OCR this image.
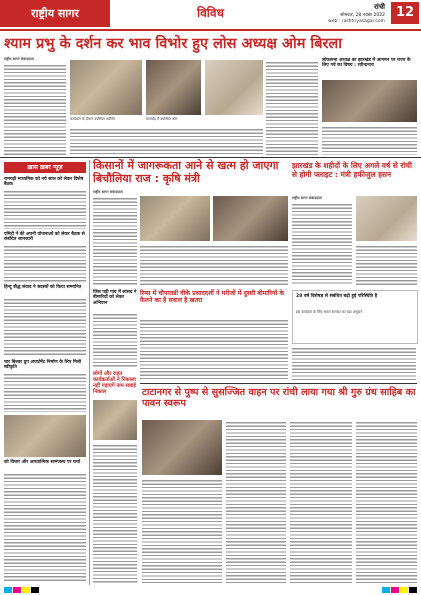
राष्ट्रीय सागर	विविध	रांची
सोमवार, 28 नवंबर 2022
web : rashtriyasagar.com
12
श्याम प्रभु के दर्शन कर भाव विभोर हुए लोस अध्यक्ष ओम बिरला
राष्ट्रीय सागर संवाददाता
कार्यक्रम के दौरान उपस्थित अतिथि	समारोह में उपस्थित लोग
लोकसभा अध्यक्ष का झारखंड में आगमन पर राज्य के लिए गर्व का विषय : रवीन्द्रनाथ
ख़ास ख़बर न्यूज़
रामगढ़ी माध्यमिक को नये साल को लेकर विशेष बैठक
एमिटी ने की अपनी योजनाओं को लेकर बैठक से संबंधित जानकारी
हिन्दू बौद्ध संवाद ने सदस्यों को किया सम्मानित
चार बिल्डर ग्रुप अपार्टमेंट निर्माण के लिए मिली स्वीकृति
को विचार और आध्यात्मिक सामंजस्य पर चर्चा
किसानों में जागरूकता आने से खत्म हो जाएगा बिचौलिया राज : कृषि मंत्री
राष्ट्रीय सागर संवाददाता
झारखंड के शहीदों के लिए अगले वर्ष से रांची से होगी फ्लाइट : मंत्री हफीजुल हसन
राष्ट्रीय सागर संवाददाता
रिम्स में चौपालडी वीके प्रसाददर्शी ने मरीजों में दुसरी बीमारियों के फैलने का है सवाल है खतरा
जिस पड़ी गांव में सांसद ने बीमारियों को लेकर अभियान
लोगों और राहत कार्यकर्ताओं ने निकाला नहीं पहाएगे नाम सबाई निकाल
28 वर्ष विशेषज्ञ से संबंधित बढ़ी हुई परिस्थिति है
इस कार्यक्रम के लिए भारत सरकार का बड़ा अनुदान
टाटानगर से पुष्प से सुसज्जित वाहन पर रांची लाया गया श्री गुरु ग्रंथ साहिब का पावन स्वरूप
